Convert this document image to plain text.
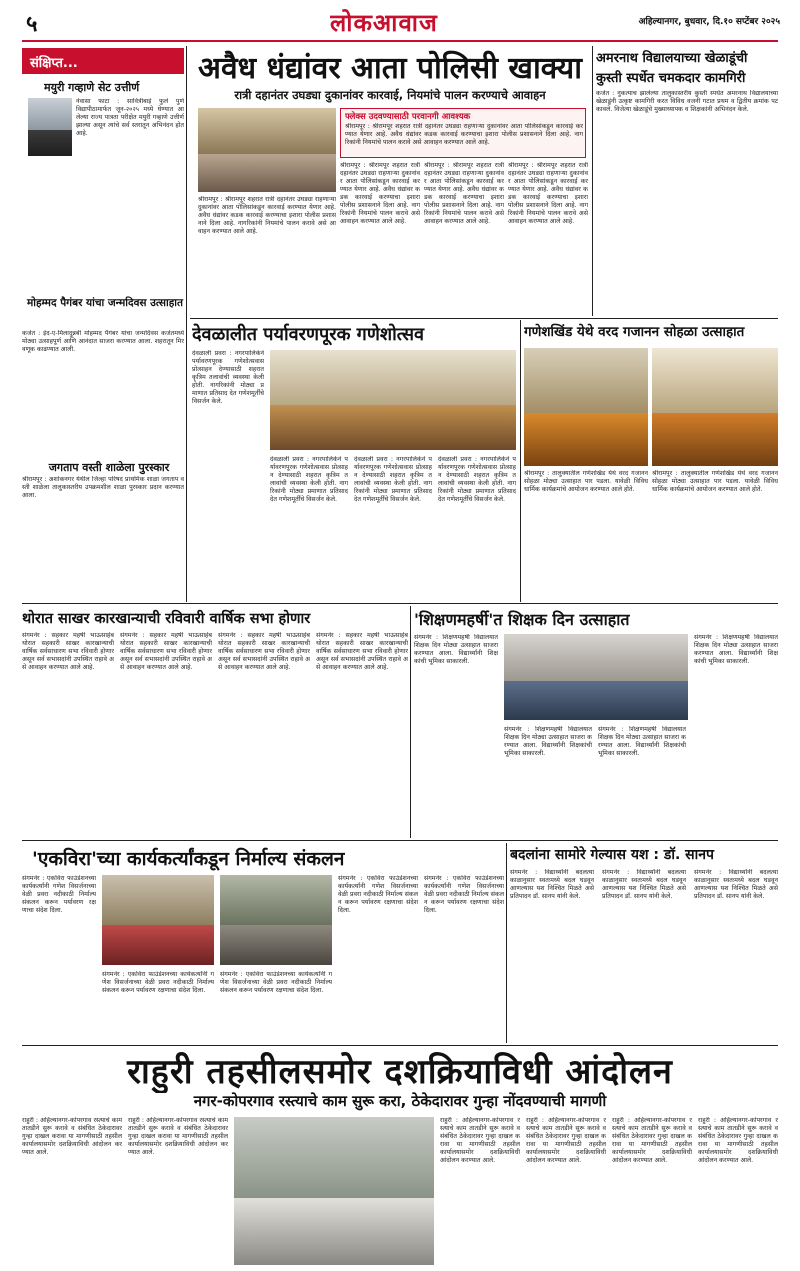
५	लोकआवाज	अहिल्यानगर, बुधवार, दि.१० सप्टेंबर २०२५
संक्षिप्त...
मयुरी गव्हाणे सेट उत्तीर्ण
नेवासा फाटा : सावित्रीबाई फुले पुणे विद्यापीठामार्फत जून-२०२५ मध्ये घेण्यात आलेल्या राज्य पात्रता परीक्षेत मयुरी गव्हाणे उत्तीर्ण झाल्या असून त्यांचे सर्व स्तरातून अभिनंदन होत आहे.
मोहम्मद पैगंबर यांचा जन्मदिवस उत्साहात
कर्जत : ईद-ए-मिलादुन्नबी मोहम्मद पैगंबर यांचा जन्मदिवस कर्जतमध्ये मोठ्या उत्साहपूर्ण आणि आनंदात साजरा करण्यात आला. शहरातून मिरवणूक काढण्यात आली.
जगताप वस्ती शाळेला पुरस्कार
श्रीरामपूर : अशोकनगर येथील जिल्हा परिषद प्राथमिक शाळा जगताप वस्ती शाळेला तालुकास्तरीय उपक्रमशील शाळा पुरस्कार प्रदान करण्यात आला.
अवैध धंद्यांवर आता पोलिसी खाक्या
रात्री दहानंतर उघड्या दुकानांवर कारवाई, नियमांचे पालन करण्याचे आवाहन
फ्लेक्स उदवण्यासाठी परवानगी आवश्यक
श्रीरामपूर : श्रीरामपूर शहरात रात्री दहानंतर उघड्या राहणाऱ्या दुकानांवर आता पोलिसांकडून कारवाई करण्यात येणार आहे. अवैध धंद्यांवर कडक कारवाई करण्याचा इशारा पोलीस प्रशासनाने दिला आहे. नागरिकांनी नियमांचे पालन करावे असे आवाहन करण्यात आले आहे.
श्रीरामपूर : श्रीरामपूर शहरात रात्री दहानंतर उघड्या राहणाऱ्या दुकानांवर आता पोलिसांकडून कारवाई करण्यात येणार आहे. अवैध धंद्यांवर कडक कारवाई करण्याचा इशारा पोलीस प्रशासनाने दिला आहे. नागरिकांनी नियमांचे पालन करावे असे आवाहन करण्यात आले आहे.
श्रीरामपूर : श्रीरामपूर शहरात रात्री दहानंतर उघड्या राहणाऱ्या दुकानांवर आता पोलिसांकडून कारवाई करण्यात येणार आहे. अवैध धंद्यांवर कडक कारवाई करण्याचा इशारा पोलीस प्रशासनाने दिला आहे. नागरिकांनी नियमांचे पालन करावे असे आवाहन करण्यात आले आहे.
श्रीरामपूर : श्रीरामपूर शहरात रात्री दहानंतर उघड्या राहणाऱ्या दुकानांवर आता पोलिसांकडून कारवाई करण्यात येणार आहे. अवैध धंद्यांवर कडक कारवाई करण्याचा इशारा पोलीस प्रशासनाने दिला आहे. नागरिकांनी नियमांचे पालन करावे असे आवाहन करण्यात आले आहे.
श्रीरामपूर : श्रीरामपूर शहरात रात्री दहानंतर उघड्या राहणाऱ्या दुकानांवर आता पोलिसांकडून कारवाई करण्यात येणार आहे. अवैध धंद्यांवर कडक कारवाई करण्याचा इशारा पोलीस प्रशासनाने दिला आहे. नागरिकांनी नियमांचे पालन करावे असे आवाहन करण्यात आले आहे.
अमरनाथ विद्यालयाच्या खेळाडूंची
कुस्ती स्पर्धेत चमकदार कामगिरी
कर्जत : नुकत्याच झालेल्या तालुकास्तरीय कुस्ती स्पर्धेत अमरनाथ विद्यालयाच्या खेळाडूंनी उत्कृष्ट कामगिरी करत विविध वजनी गटात प्रथम व द्वितीय क्रमांक पटकावले. विजेत्या खेळाडूंचे मुख्याध्यापक व शिक्षकांनी अभिनंदन केले.
देवळालीत पर्यावरणपूरक गणेशोत्सव
देवळाली प्रवरा : नगरपालिकेने पर्यावरणपूरक गणेशोत्सवास प्रोत्साहन देण्यासाठी शहरात कृत्रिम तलावांची व्यवस्था केली होती. नागरिकांनी मोठ्या प्रमाणात प्रतिसाद देत गणेशमूर्तींचे विसर्जन केले.
देवळाली प्रवरा : नगरपालिकेने पर्यावरणपूरक गणेशोत्सवास प्रोत्साहन देण्यासाठी शहरात कृत्रिम तलावांची व्यवस्था केली होती. नागरिकांनी मोठ्या प्रमाणात प्रतिसाद देत गणेशमूर्तींचे विसर्जन केले.
देवळाली प्रवरा : नगरपालिकेने पर्यावरणपूरक गणेशोत्सवास प्रोत्साहन देण्यासाठी शहरात कृत्रिम तलावांची व्यवस्था केली होती. नागरिकांनी मोठ्या प्रमाणात प्रतिसाद देत गणेशमूर्तींचे विसर्जन केले.
देवळाली प्रवरा : नगरपालिकेने पर्यावरणपूरक गणेशोत्सवास प्रोत्साहन देण्यासाठी शहरात कृत्रिम तलावांची व्यवस्था केली होती. नागरिकांनी मोठ्या प्रमाणात प्रतिसाद देत गणेशमूर्तींचे विसर्जन केले.
गणेशखिंड येथे वरद गजानन सोहळा उत्साहात
श्रीरामपूर : तालुक्यातील गणेशखिंड येथे वरद गजानन सोहळा मोठ्या उत्साहात पार पडला. यावेळी विविध धार्मिक कार्यक्रमांचे आयोजन करण्यात आले होते.
श्रीरामपूर : तालुक्यातील गणेशखिंड येथे वरद गजानन सोहळा मोठ्या उत्साहात पार पडला. यावेळी विविध धार्मिक कार्यक्रमांचे आयोजन करण्यात आले होते.
थोरात साखर कारखान्याची रविवारी वार्षिक सभा होणार
संगमनेर : सहकार महर्षी भाऊसाहेब थोरात सहकारी साखर कारखान्याची वार्षिक सर्वसाधारण सभा रविवारी होणार असून सर्व सभासदांनी उपस्थित राहावे असे आवाहन करण्यात आले आहे.
संगमनेर : सहकार महर्षी भाऊसाहेब थोरात सहकारी साखर कारखान्याची वार्षिक सर्वसाधारण सभा रविवारी होणार असून सर्व सभासदांनी उपस्थित राहावे असे आवाहन करण्यात आले आहे.
संगमनेर : सहकार महर्षी भाऊसाहेब थोरात सहकारी साखर कारखान्याची वार्षिक सर्वसाधारण सभा रविवारी होणार असून सर्व सभासदांनी उपस्थित राहावे असे आवाहन करण्यात आले आहे.
संगमनेर : सहकार महर्षी भाऊसाहेब थोरात सहकारी साखर कारखान्याची वार्षिक सर्वसाधारण सभा रविवारी होणार असून सर्व सभासदांनी उपस्थित राहावे असे आवाहन करण्यात आले आहे.
'शिक्षणमहर्षी'त शिक्षक दिन उत्साहात
संगमनेर : शिक्षणमहर्षी विद्यालयात शिक्षक दिन मोठ्या उत्साहात साजरा करण्यात आला. विद्यार्थ्यांनी शिक्षकांची भूमिका साकारली.
संगमनेर : शिक्षणमहर्षी विद्यालयात शिक्षक दिन मोठ्या उत्साहात साजरा करण्यात आला. विद्यार्थ्यांनी शिक्षकांची भूमिका साकारली.
संगमनेर : शिक्षणमहर्षी विद्यालयात शिक्षक दिन मोठ्या उत्साहात साजरा करण्यात आला. विद्यार्थ्यांनी शिक्षकांची भूमिका साकारली.
संगमनेर : शिक्षणमहर्षी विद्यालयात शिक्षक दिन मोठ्या उत्साहात साजरा करण्यात आला. विद्यार्थ्यांनी शिक्षकांची भूमिका साकारली.
'एकविरा'च्या कार्यकर्त्यांकडून निर्माल्य संकलन
संगमनेर : एकविरा फाउंडेशनच्या कार्यकर्त्यांनी गणेश विसर्जनाच्या वेळी प्रवरा नदीकाठी निर्माल्य संकलन करून पर्यावरण रक्षणाचा संदेश दिला.
संगमनेर : एकविरा फाउंडेशनच्या कार्यकर्त्यांनी गणेश विसर्जनाच्या वेळी प्रवरा नदीकाठी निर्माल्य संकलन करून पर्यावरण रक्षणाचा संदेश दिला.
संगमनेर : एकविरा फाउंडेशनच्या कार्यकर्त्यांनी गणेश विसर्जनाच्या वेळी प्रवरा नदीकाठी निर्माल्य संकलन करून पर्यावरण रक्षणाचा संदेश दिला.
संगमनेर : एकविरा फाउंडेशनच्या कार्यकर्त्यांनी गणेश विसर्जनाच्या वेळी प्रवरा नदीकाठी निर्माल्य संकलन करून पर्यावरण रक्षणाचा संदेश दिला.
संगमनेर : एकविरा फाउंडेशनच्या कार्यकर्त्यांनी गणेश विसर्जनाच्या वेळी प्रवरा नदीकाठी निर्माल्य संकलन करून पर्यावरण रक्षणाचा संदेश दिला.
बदलांना सामोरे गेल्यास यश : डॉ. सानप
संगमनेर : विद्यार्थ्यांनी बदलत्या काळानुसार स्वतःमध्ये बदल घडवून आणल्यास यश निश्चित मिळते असे प्रतिपादन डॉ. सानप यांनी केले.
संगमनेर : विद्यार्थ्यांनी बदलत्या काळानुसार स्वतःमध्ये बदल घडवून आणल्यास यश निश्चित मिळते असे प्रतिपादन डॉ. सानप यांनी केले.
संगमनेर : विद्यार्थ्यांनी बदलत्या काळानुसार स्वतःमध्ये बदल घडवून आणल्यास यश निश्चित मिळते असे प्रतिपादन डॉ. सानप यांनी केले.
राहुरी तहसीलसमोर दशक्रियाविधी आंदोलन
नगर-कोपरगाव रस्त्याचे काम सुरू करा, ठेकेदारावर गुन्हा नोंदवण्याची मागणी
राहुरी : अहिल्यानगर-कोपरगाव रस्त्याचे काम तातडीने सुरू करावे व संबंधित ठेकेदारावर गुन्हा दाखल करावा या मागणीसाठी तहसील कार्यालयासमोर दशक्रियाविधी आंदोलन करण्यात आले.
राहुरी : अहिल्यानगर-कोपरगाव रस्त्याचे काम तातडीने सुरू करावे व संबंधित ठेकेदारावर गुन्हा दाखल करावा या मागणीसाठी तहसील कार्यालयासमोर दशक्रियाविधी आंदोलन करण्यात आले.
राहुरी : अहिल्यानगर-कोपरगाव रस्त्याचे काम तातडीने सुरू करावे व संबंधित ठेकेदारावर गुन्हा दाखल करावा या मागणीसाठी तहसील कार्यालयासमोर दशक्रियाविधी आंदोलन करण्यात आले.
राहुरी : अहिल्यानगर-कोपरगाव रस्त्याचे काम तातडीने सुरू करावे व संबंधित ठेकेदारावर गुन्हा दाखल करावा या मागणीसाठी तहसील कार्यालयासमोर दशक्रियाविधी आंदोलन करण्यात आले.
राहुरी : अहिल्यानगर-कोपरगाव रस्त्याचे काम तातडीने सुरू करावे व संबंधित ठेकेदारावर गुन्हा दाखल करावा या मागणीसाठी तहसील कार्यालयासमोर दशक्रियाविधी आंदोलन करण्यात आले.
राहुरी : अहिल्यानगर-कोपरगाव रस्त्याचे काम तातडीने सुरू करावे व संबंधित ठेकेदारावर गुन्हा दाखल करावा या मागणीसाठी तहसील कार्यालयासमोर दशक्रियाविधी आंदोलन करण्यात आले.
